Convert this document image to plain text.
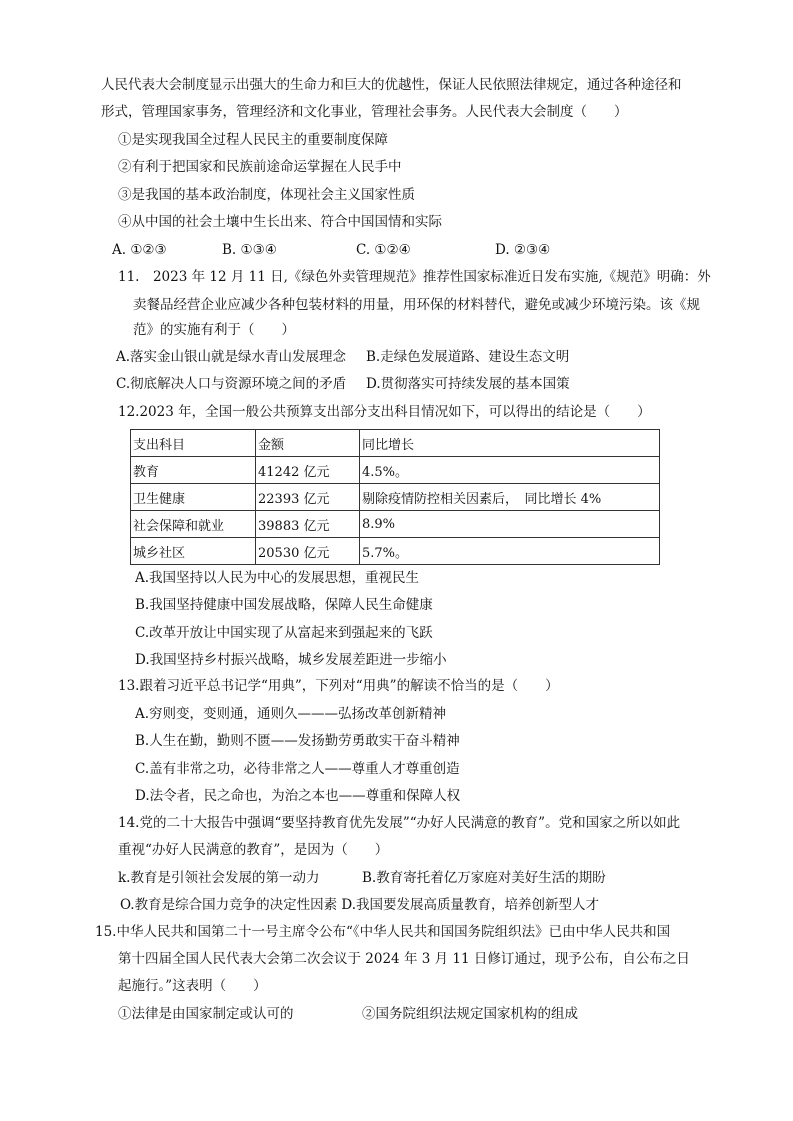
人民代表大会制度显示出强大的生命力和巨大的优越性，保证人民依照法律规定，通过各种途径和
形式，管理国家事务，管理经济和文化事业，管理社会事务。人民代表大会制度（　　）
①是实现我国全过程人民民主的重要制度保障
②有利于把国家和民族前途命运掌握在人民手中
③是我国的基本政治制度，体现社会主义国家性质
④从中国的社会土壤中生长出来、符合中国国情和实际
A. ①②③	B. ①③④	C. ①②④	D. ②③④
11.　2023 年 12 月 11 日,《绿色外卖管理规范》推荐性国家标准近日发布实施,《规范》明确：外
卖餐品经营企业应减少各种包装材料的用量，用环保的材料替代，避免或减少环境污染。该《规
范》的实施有利于（　　）
A.落实金山银山就是绿水青山发展理念 B.走绿色发展道路、建设生态文明
C.彻底解决人口与资源环境之间的矛盾 D.贯彻落实可持续发展的基本国策
12.2023 年，全国一般公共预算支出部分支出科目情况如下，可以得出的结论是（　　）
支出科目	金额	同比增长
教育	41242 亿元	4.5%。
卫生健康	22393 亿元	剔除疫情防控相关因素后，　同比增长 4%
社会保障和就业	39883 亿元	8.9%
城乡社区	20530 亿元	5.7%。
A.我国坚持以人民为中心的发展思想，重视民生
B.我国坚持健康中国发展战略，保障人民生命健康
C.改革开放让中国实现了从富起来到强起来的飞跃
D.我国坚持乡村振兴战略，城乡发展差距进一步缩小
13.跟着习近平总书记学“用典”，下列对“用典”的解读不恰当的是（　　）
A.穷则变，变则通，通则久———弘扬改革创新精神
B.人生在勤，勤则不匮——发扬勤劳勇敢实干奋斗精神
C.盖有非常之功，必待非常之人——尊重人才尊重创造
D.法令者，民之命也，为治之本也——尊重和保障人权
14.党的二十大报告中强调“要坚持教育优先发展”“办好人民满意的教育”。党和国家之所以如此
重视“办好人民满意的教育”，是因为（　　）
k.教育是引领社会发展的第一动力	B.教育寄托着亿万家庭对美好生活的期盼
O.教育是综合国力竞争的决定性因素 D.我国要发展高质量教育，培养创新型人才
15.中华人民共和国第二十一号主席令公布“《中华人民共和国国务院组织法》已由中华人民共和国
第十四届全国人民代表大会第二次会议于 2024 年 3 月 11 日修订通过，现予公布，自公布之日
起施行。”这表明（　　）
①法律是由国家制定或认可的	②国务院组织法规定国家机构的组成
